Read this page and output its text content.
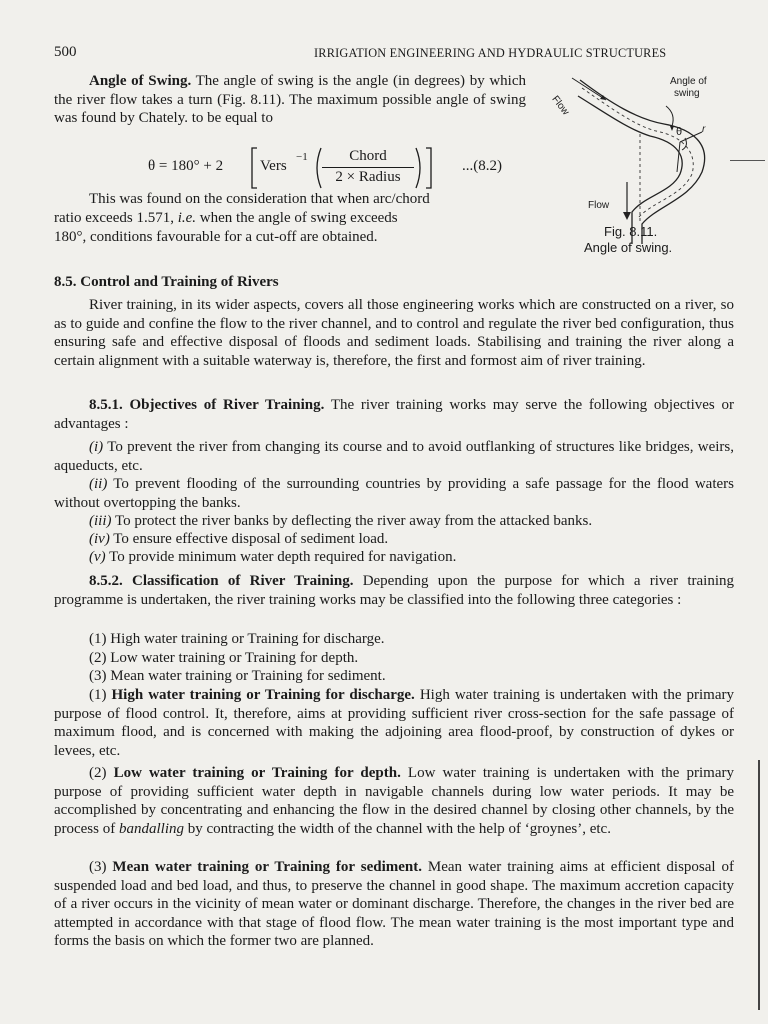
500	IRRIGATION ENGINEERING AND HYDRAULIC STRUCTURES

Angle of Swing. The angle of swing is the angle (in degrees) by which the river flow takes a turn (Fig. 8.11). The maximum possible angle of swing was found by Chately. to be equal to

θ = 180° + 2 Vers
−1	Chord
2 × Radius
...(8.2)
This was found on the consideration that when arc/chord
ratio exceeds 1.571, i.e. when the angle of swing exceeds
180°, conditions favourable for a cut-off are obtained.
Angle of
swing
θ r
Flow
Flow
Fig. 8.11.
Angle of swing.
8.5. Control and Training of Rivers

River training, in its wider aspects, covers all those engineering works which are constructed on a river, so as to guide and confine the flow to the river channel, and to control and regulate the river bed configuration, thus ensuring safe and effective disposal of floods and sediment loads. Stabilising and training the river along a certain alignment with a suitable waterway is, therefore, the first and formost aim of river training.

8.5.1. Objectives of River Training. The river training works may serve the following objectives or advantages :

(i) To prevent the river from changing its course and to avoid outflanking of structures like bridges, weirs, aqueducts, etc.

(ii) To prevent flooding of the surrounding countries by providing a safe passage for the flood waters without overtopping the banks.

(iii) To protect the river banks by deflecting the river away from the attacked banks.

(iv) To ensure effective disposal of sediment load.

(v) To provide minimum water depth required for navigation.

8.5.2. Classification of River Training. Depending upon the purpose for which a river training programme is undertaken, the river training works may be classified into the following three categories :

(1) High water training or Training for discharge.
(2) Low water training or Training for depth.
(3) Mean water training or Training for sediment.

(1) High water training or Training for discharge. High water training is undertaken with the primary purpose of flood control. It, therefore, aims at providing sufficient river cross-section for the safe passage of maximum flood, and is concerned with making the adjoining area flood-proof, by construction of dykes or levees, etc.

(2) Low water training or Training for depth. Low water training is undertaken with the primary purpose of providing sufficient water depth in navigable channels during low water periods. It may be accomplished by concentrating and enhancing the flow in the desired channel by closing other channels, by the process of bandalling by contracting the width of the channel with the help of ‘groynes’, etc.

(3) Mean water training or Training for sediment. Mean water training aims at efficient disposal of suspended load and bed load, and thus, to preserve the channel in good shape. The maximum accretion capacity of a river occurs in the vicinity of mean water or dominant discharge. Therefore, the changes in the river bed are attempted in accordance with that stage of flood flow. The mean water training is the most important type and forms the basis on which the former two are planned.
